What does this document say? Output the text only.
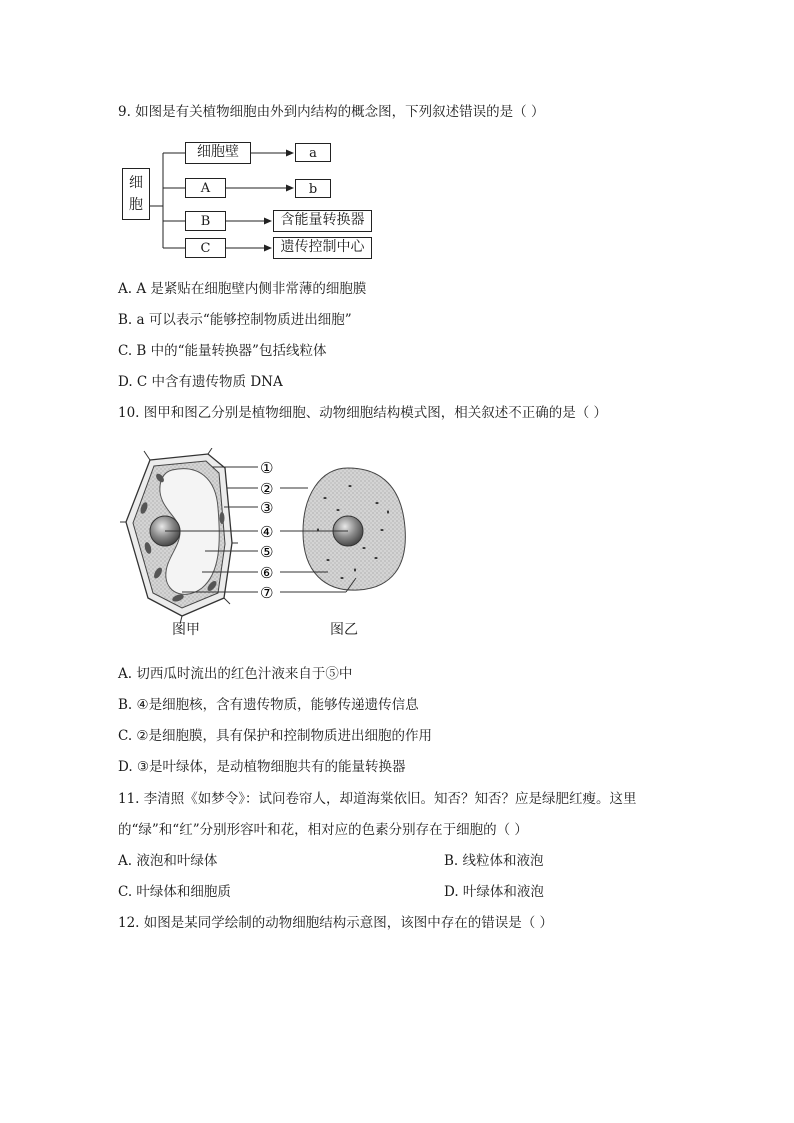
9. 如图是有关植物细胞由外到内结构的概念图，下列叙述错误的是（ ）
细
胞
细胞壁	a
A	b
B	含能量转换器
C	遗传控制中心
A. A 是紧贴在细胞壁内侧非常薄的细胞膜
B. a 可以表示“能够控制物质进出细胞”
C. B 中的“能量转换器”包括线粒体
D. C 中含有遗传物质 DNA
10. 图甲和图乙分别是植物细胞、动物细胞结构模式图，相关叙述不正确的是（ ）
①
②
③
④
⑤
⑥
⑦
图甲	图乙
A. 切西瓜时流出的红色汁液来自于⑤中
B. ④是细胞核，含有遗传物质，能够传递遗传信息
C. ②是细胞膜，具有保护和控制物质进出细胞的作用
D. ③是叶绿体，是动植物细胞共有的能量转换器
11. 李清照《如梦令》：试问卷帘人，却道海棠依旧。知否？知否？应是绿肥红瘦。这里
的“绿”和“红”分别形容叶和花，相对应的色素分别存在于细胞的（ ）
A. 液泡和叶绿体	B. 线粒体和液泡
C. 叶绿体和细胞质	D. 叶绿体和液泡
12. 如图是某同学绘制的动物细胞结构示意图，该图中存在的错误是（ ）
